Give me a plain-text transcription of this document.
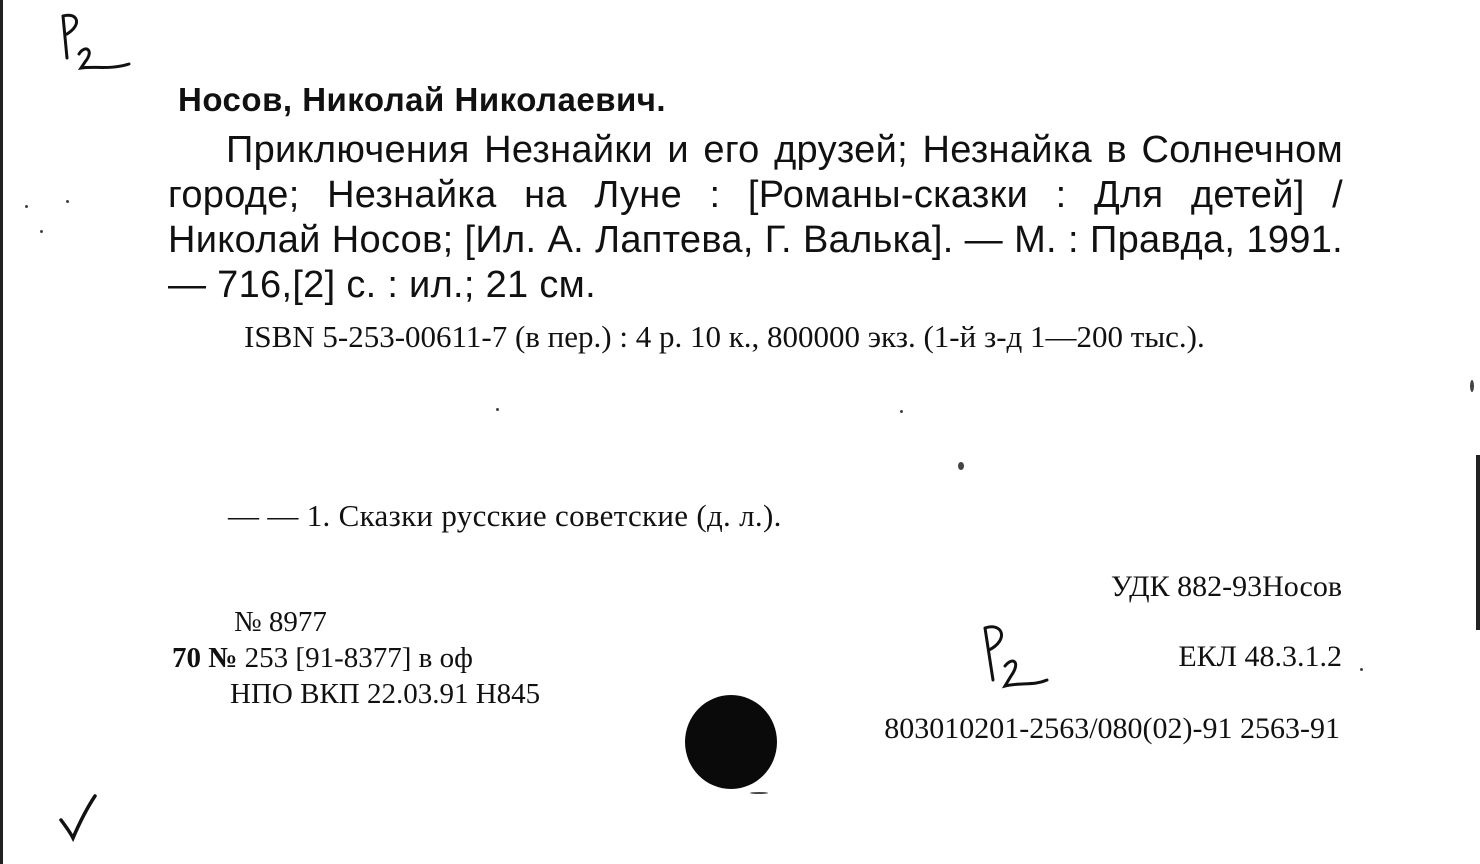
Носов, Николай Николаевич.

Приключения Незнайки и его друзей; Незнайка в Солнечном городе; Незнайка на Луне : [Романы-сказки : Для детей] / Николай Носов; [Ил. А. Лаптева, Г. Валька]. — М. : Правда, 1991. — 716,[2] с. : ил.; 21 см.

ISBN 5-253-00611-7 (в пер.) : 4 р. 10 к., 800000 экз. (1-й з-д 1—200 тыс.).

— — 1. Сказки русские советские (д. л.).
УДК 882-93Носов
№ 8977
70 № 253 [91-8377] в оф
НПО ВКП 22.03.91 Н845
ЕКЛ 48.3.1.2
803010201-2563/080(02)-91 2563-91
